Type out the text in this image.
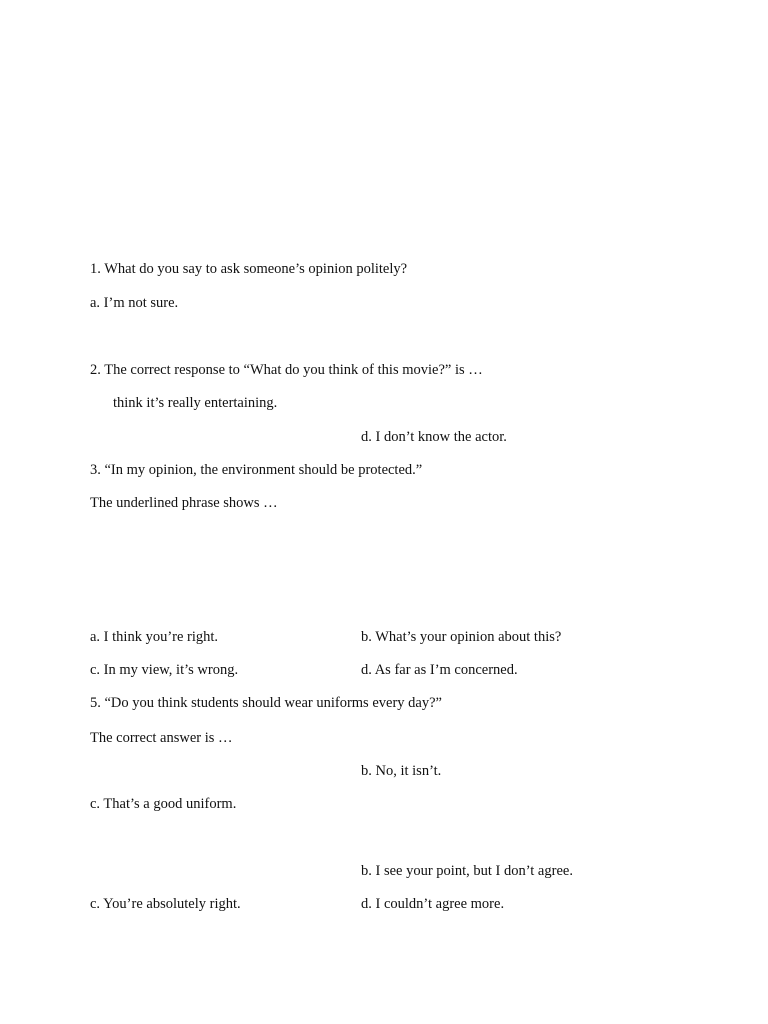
1. What do you say to ask someone’s opinion politely?
a. I’m not sure.
2. The correct response to “What do you think of this movie?” is …
think it’s really entertaining.
d. I don’t know the actor.
3. “In my opinion, the environment should be protected.”
The underlined phrase shows …
a. I think you’re right.	b. What’s your opinion about this?
c. In my view, it’s wrong.	d. As far as I’m concerned.
5. “Do you think students should wear uniforms every day?”
The correct answer is …
b. No, it isn’t.
c. That’s a good uniform.
b. I see your point, but I don’t agree.
c. You’re absolutely right.	d. I couldn’t agree more.
